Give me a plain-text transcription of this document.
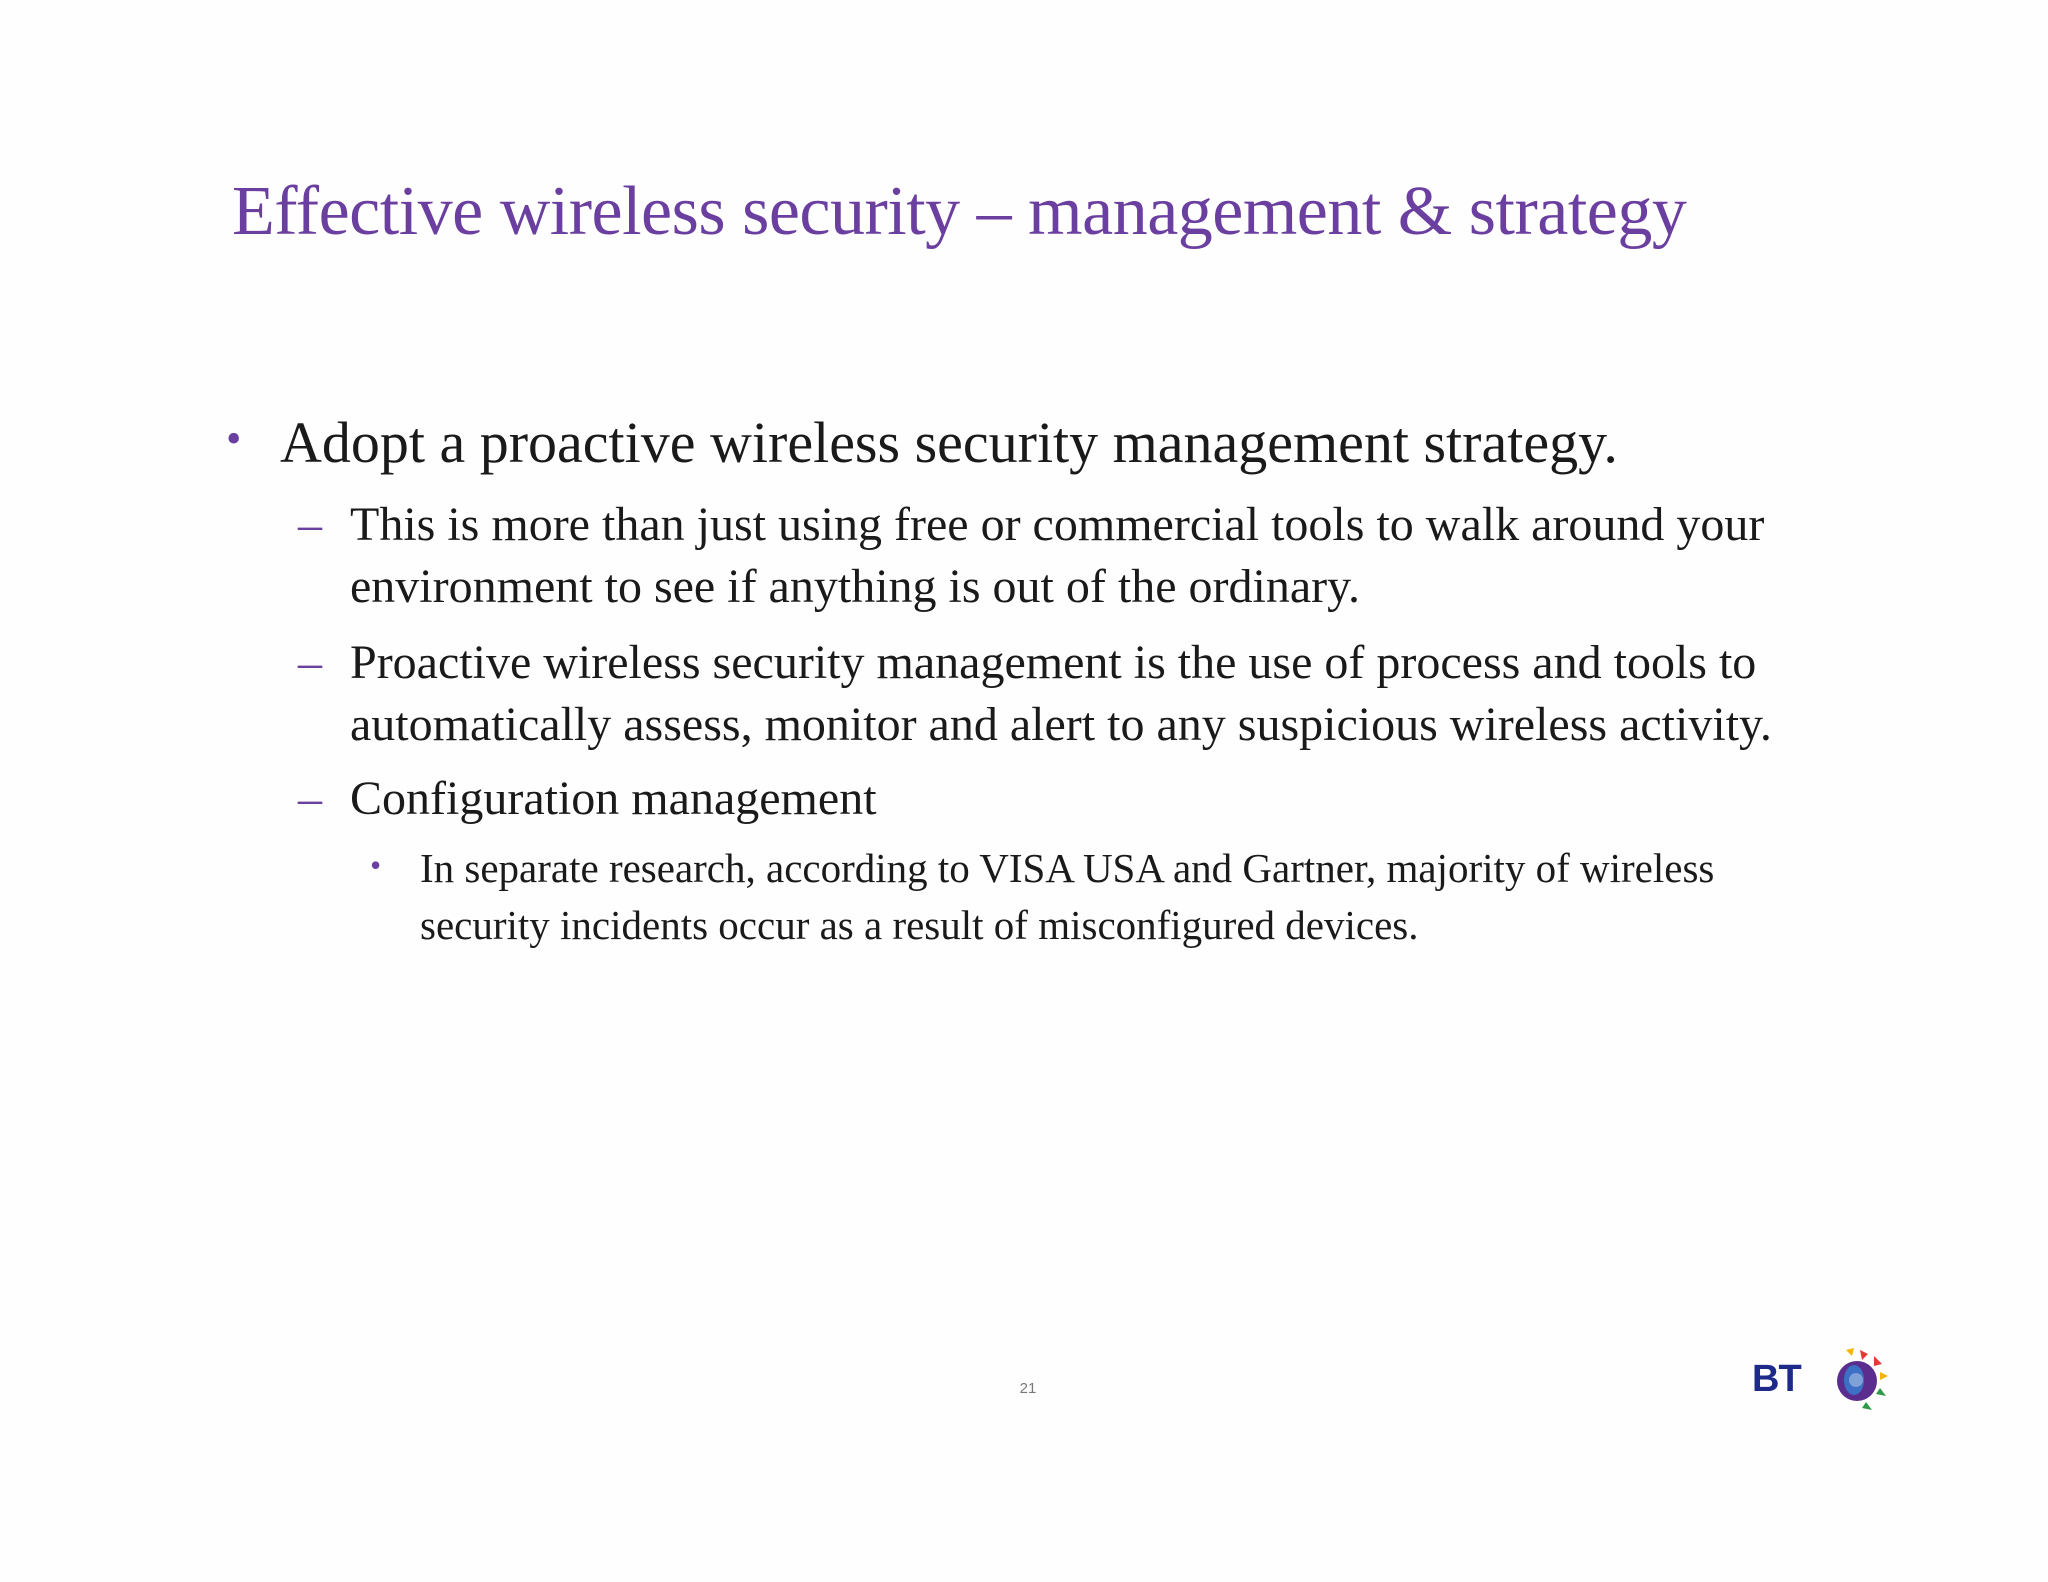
Effective wireless security – management & strategy
• Adopt a proactive wireless security management strategy.
– This is more than just using free or commercial tools to walk around your environment to see if anything is out of the ordinary.
– Proactive wireless security management is the use of process and tools to automatically assess, monitor and alert to any suspicious wireless activity.
– Configuration management
• In separate research, according to VISA USA and Gartner, majority of wireless security incidents occur as a result of misconfigured devices.
21	BT
